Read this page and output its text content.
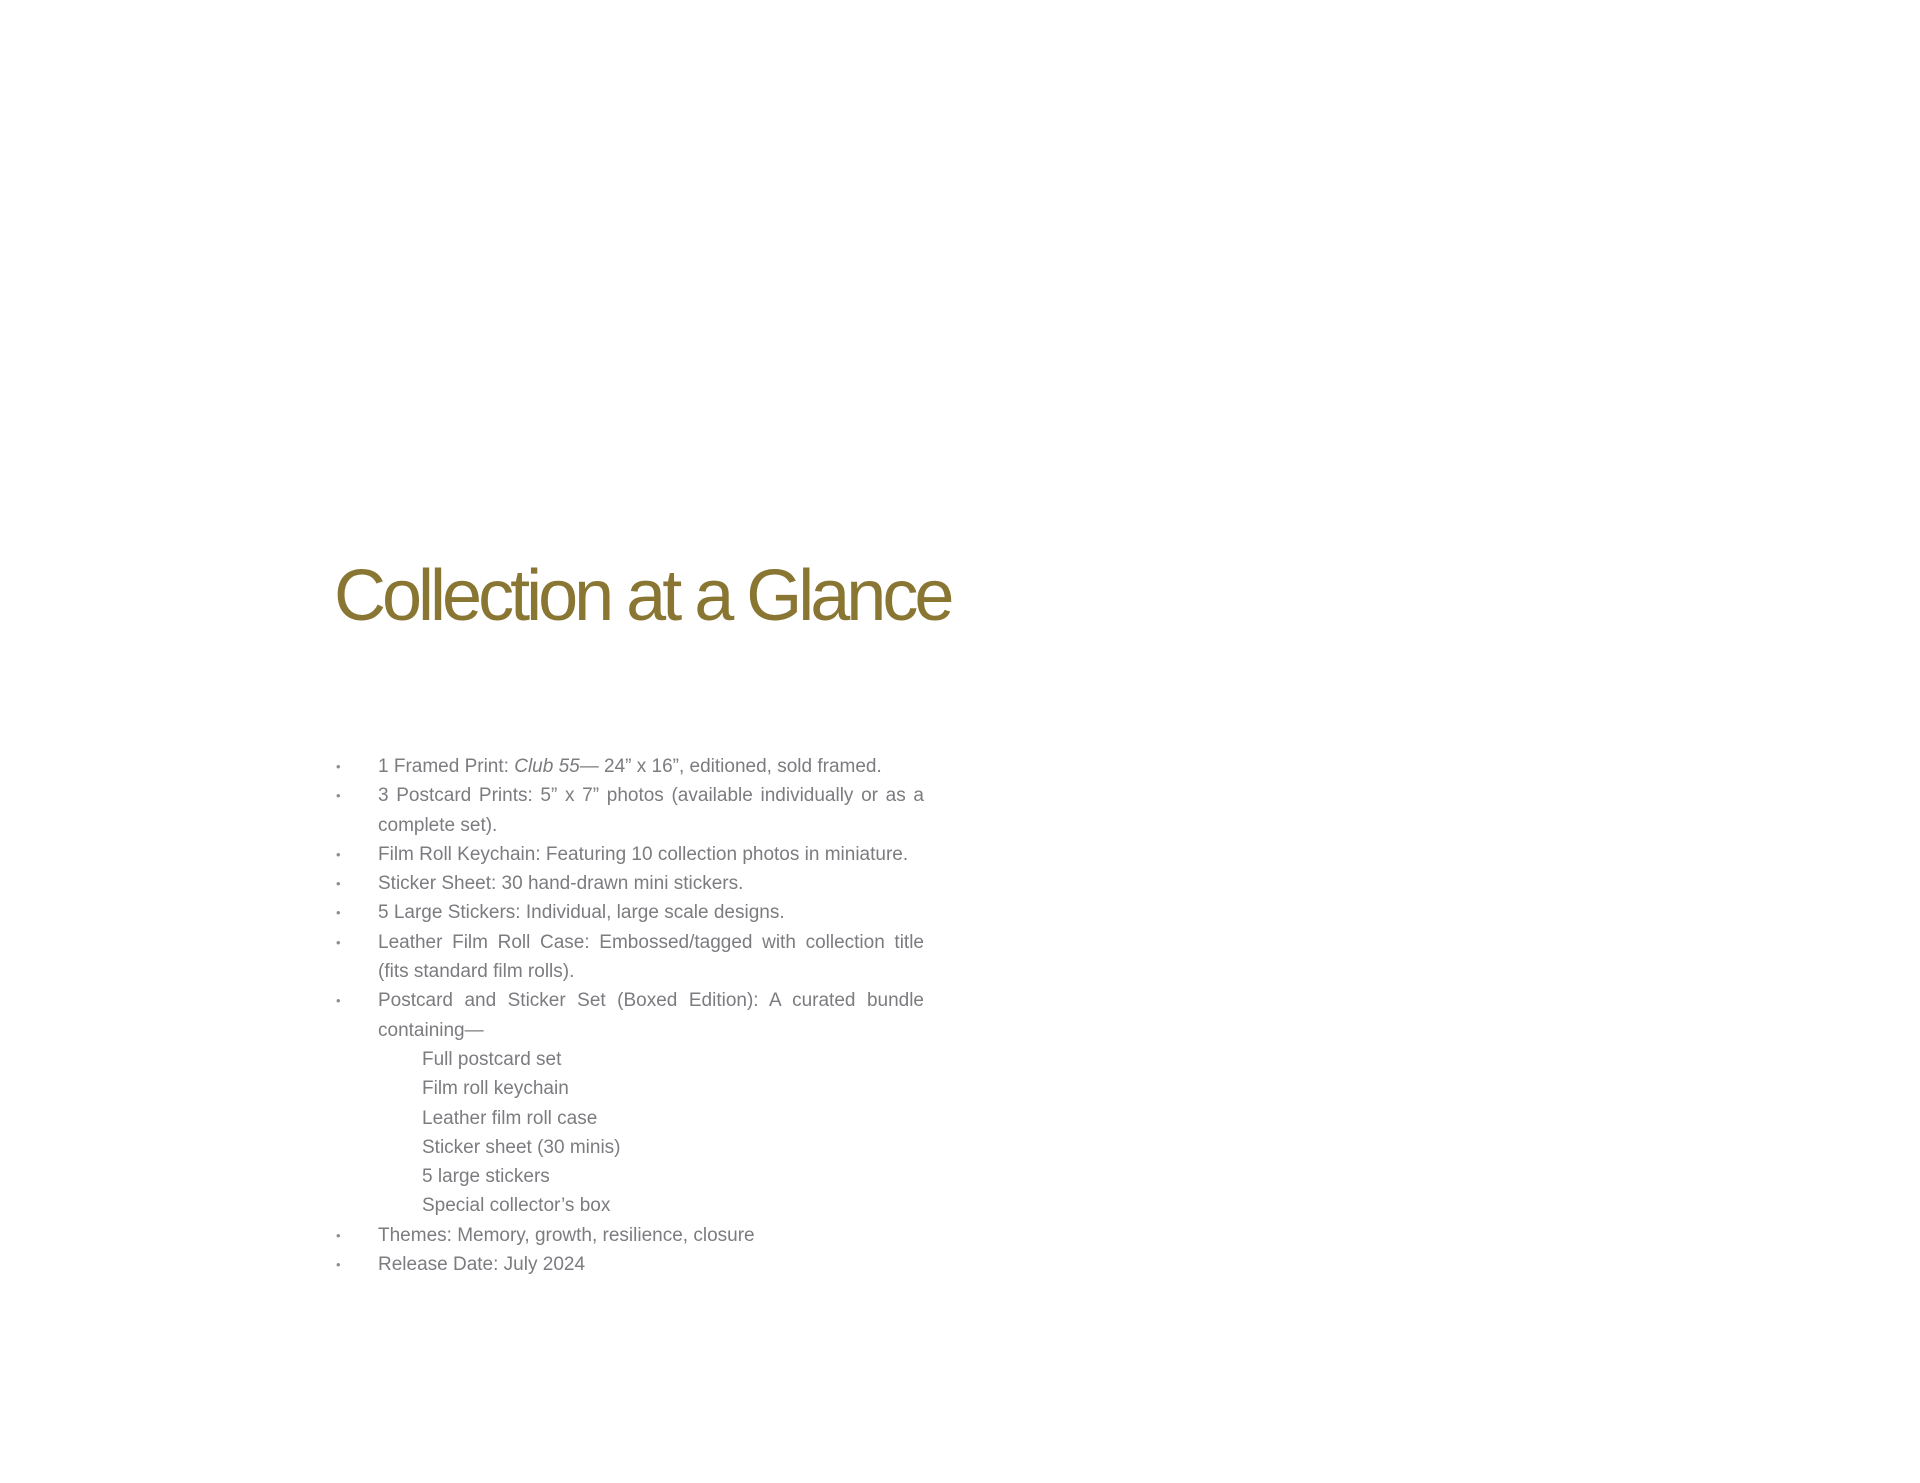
Collection at a Glance
• 1 Framed Print: Club 55— 24” x 16”, editioned, sold framed.
• 3 Postcard Prints: 5” x 7” photos (available individually or as a complete set).
• Film Roll Keychain: Featuring 10 collection photos in miniature.
• Sticker Sheet: 30 hand-drawn mini stickers.
• 5 Large Stickers: Individual, large scale designs.
• Leather Film Roll Case: Embossed/tagged with collection title (fits standard film rolls).
• Postcard and Sticker Set (Boxed Edition): A curated bundle containing—
Full postcard set
Film roll keychain
Leather film roll case
Sticker sheet (30 minis)
5 large stickers
Special collector’s box
• Themes: Memory, growth, resilience, closure
• Release Date: July 2024
